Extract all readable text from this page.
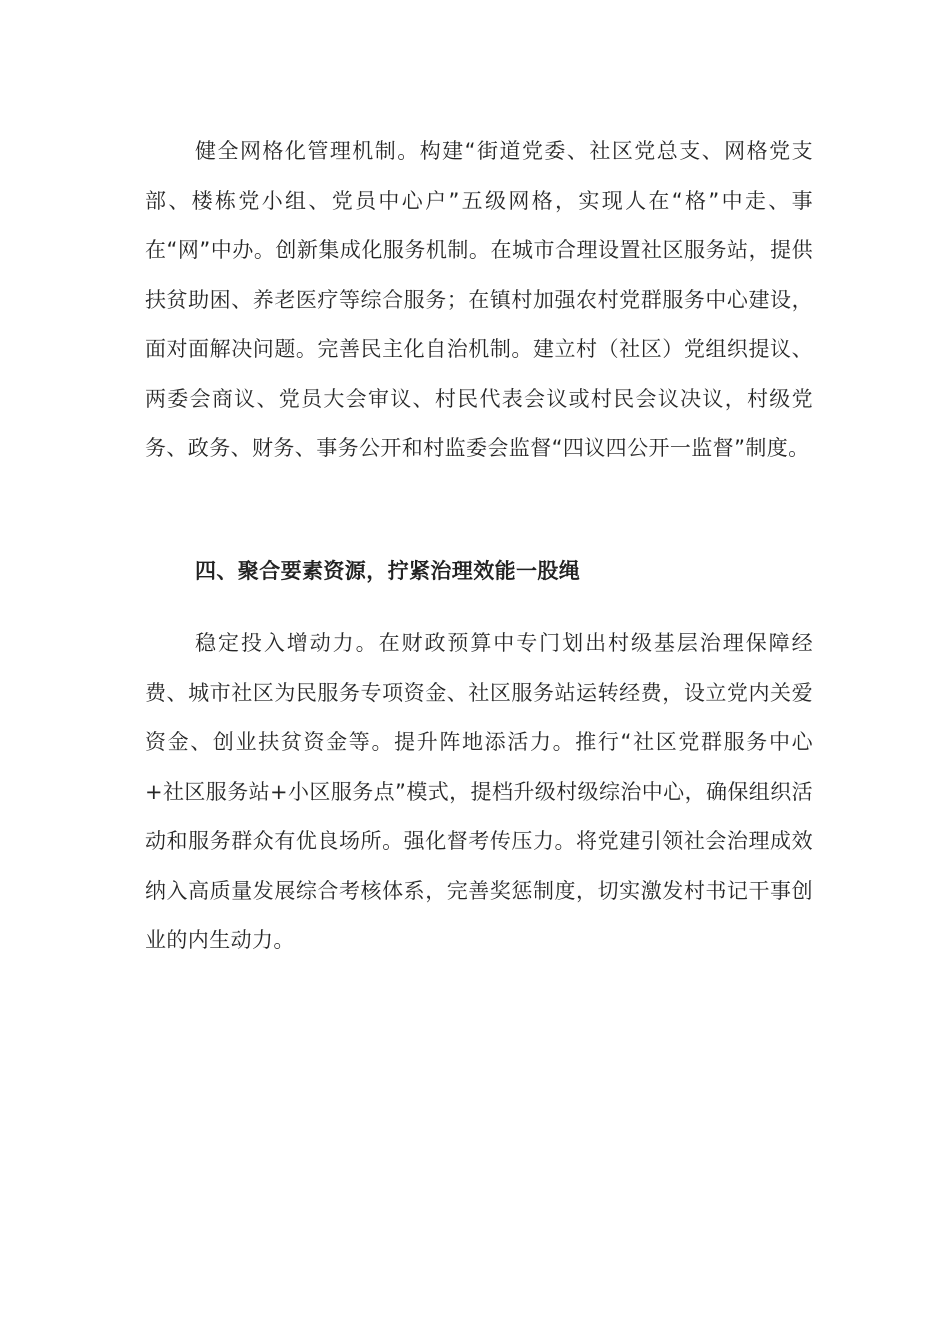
健全网格化管理机制。构建“街道党委、社区党总支、网格党支部、楼栋党小组、党员中心户”五级网格，实现人在“格”中走、事在“网”中办。创新集成化服务机制。在城市合理设置社区服务站，提供扶贫助困、养老医疗等综合服务；在镇村加强农村党群服务中心建设，面对面解决问题。完善民主化自治机制。建立村（社区）党组织提议、两委会商议、党员大会审议、村民代表会议或村民会议决议，村级党务、政务、财务、事务公开和村监委会监督“四议四公开一监督”制度。

四、聚合要素资源，拧紧治理效能一股绳

稳定投入增动力。在财政预算中专门划出村级基层治理保障经费、城市社区为民服务专项资金、社区服务站运转经费，设立党内关爱资金、创业扶贫资金等。提升阵地添活力。推行“社区党群服务中心+社区服务站+小区服务点”模式，提档升级村级综治中心，确保组织活动和服务群众有优良场所。强化督考传压力。将党建引领社会治理成效纳入高质量发展综合考核体系，完善奖惩制度，切实激发村书记干事创业的内生动力。
